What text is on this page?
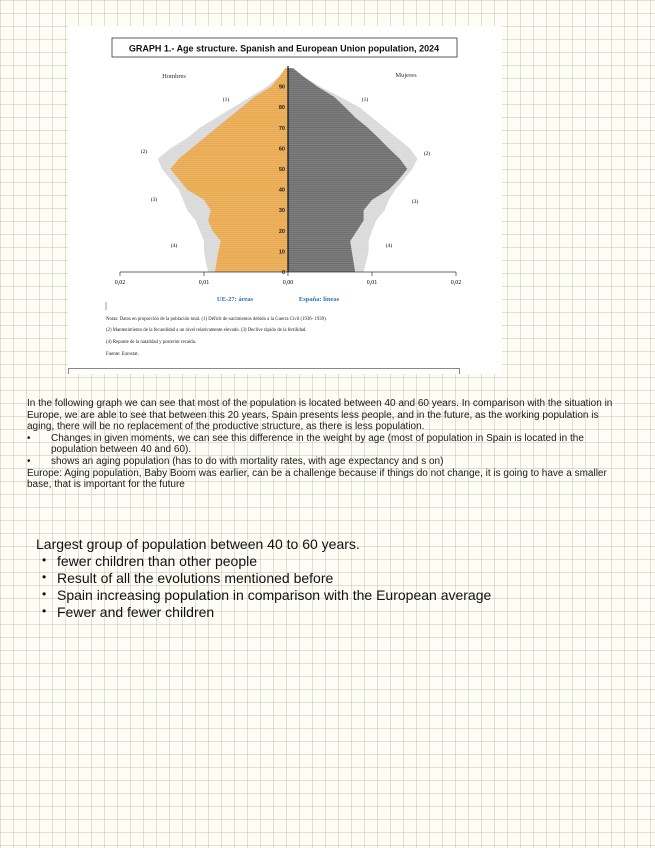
GRAPH 1.- Age structure. Spanish and European Union population, 2024
Hombres	Mujeres
0,02	0,01	0,00	0,01	0,02
0
10
20
30
40
50
60
70
80
90
(1)	(1)
(2)	(2)
(3)	(3)
(4)	(4)
UE-27: áreas	España: líneas
Notas: Datos en proporción de la población total. (1) Déficit de nacimientos debido a la Guerra Civil (1936- 1939).
(2) Mantenimiento de la fecundidad a un nivel relativamente elevado. (3) Declive rápido de la fertilidad.
(4) Repunte de la natalidad y posterior recaída.
Fuente: Eurostat.

In the following graph we can see that most of the population is located between 40 and 60 years. In comparison with the situation in Europe, we are able to see that between this 20 years, Spain presents less people, and in the future, as the working population is aging, there will be no replacement of the productive structure, as there is less population.

• Changes in given moments, we can see this difference in the weight by age (most of population in Spain is located in the population between 40 and 60).
• shows an aging population (has to do with mortality rates, with age expectancy and s on)

Europe: Aging population, Baby Boom was earlier, can be a challenge because if things do not change, it is going to have a smaller base, that is important for the future

Largest group of population between 40 to 60 years.

• fewer children than other people
• Result of all the evolutions mentioned before
• Spain increasing population in comparison with the European average
• Fewer and fewer children
